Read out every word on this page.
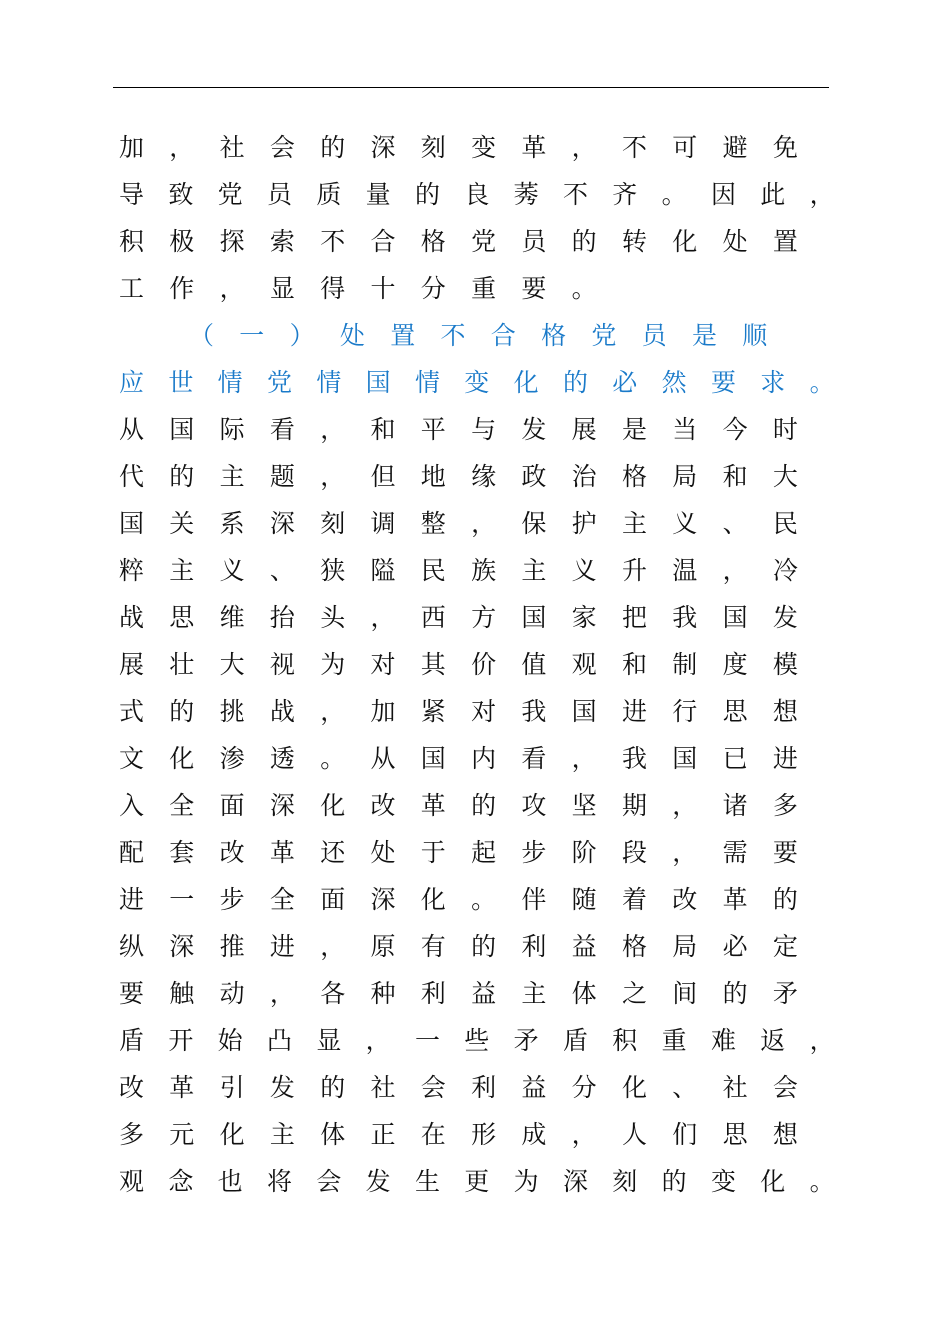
加	，	社	会	的	深	刻	变	革	，	不	可	避	免
导 致 党 员 质 量 的 良 莠 不 齐 。 因 此 ，
积	极	探	索	不	合	格	党	员	的	转	化	处	置
工	作	，	显	得	十	分	重	要	。
（	一	）	处	置	不	合	格	党	员	是	顺
应 世 情 党 情 国 情 变 化 的 必 然 要 求 。
从	国	际	看	，	和	平	与	发	展	是	当	今	时
代	的	主	题	，	但	地	缘	政	治	格	局	和	大
国	关	系	深	刻	调	整	，	保	护	主	义	、	民
粹	主	义	、	狭	隘	民	族	主	义	升	温	，	冷
战	思	维	抬	头	，	西	方	国	家	把	我	国	发
展	壮	大	视	为	对	其	价	值	观	和	制	度	模
式	的	挑	战	，	加	紧	对	我	国	进	行	思	想
文	化	渗	透	。	从	国	内	看	，	我	国	已	进
入	全	面	深	化	改	革	的	攻	坚	期	，	诸	多
配	套	改	革	还	处	于	起	步	阶	段	，	需	要
进	一	步	全	面	深	化	。	伴	随	着	改	革	的
纵	深	推	进	，	原	有	的	利	益	格	局	必	定
要	触	动	，	各	种	利	益	主	体	之	间	的	矛
盾 开 始 凸 显 ， 一 些 矛 盾 积 重 难 返 ，
改	革	引	发	的	社	会	利	益	分	化	、	社	会
多	元	化	主	体	正	在	形	成	，	人	们	思	想
观 念 也 将 会 发 生 更 为 深 刻 的 变 化 。
